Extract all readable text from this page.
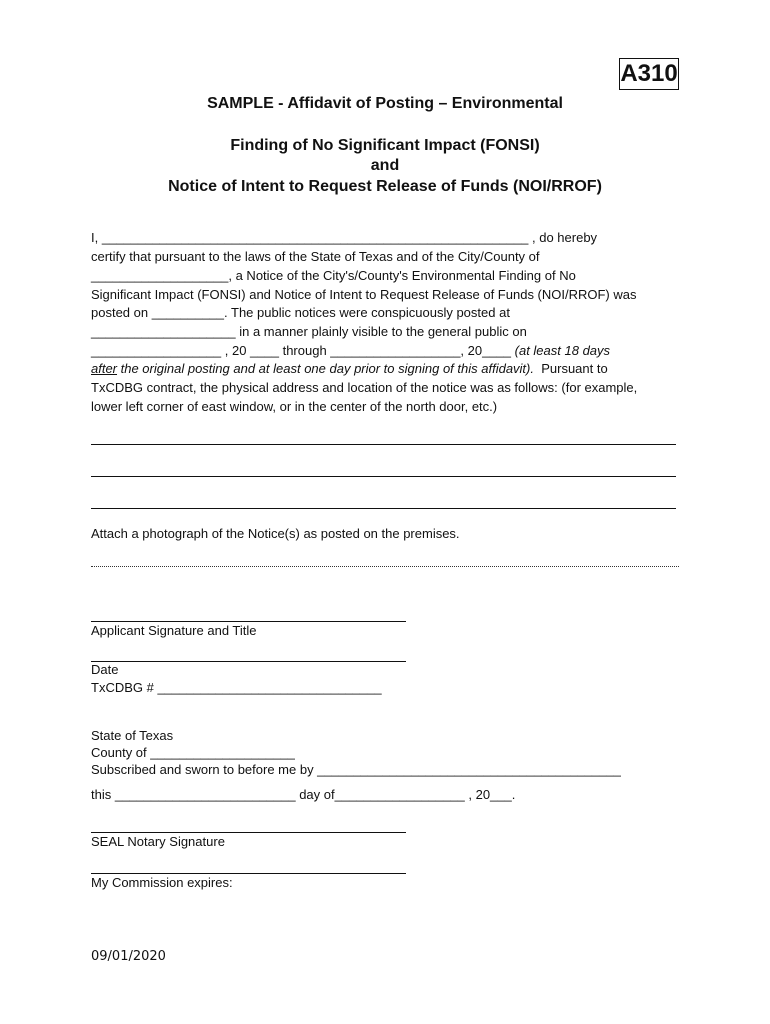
A310
SAMPLE - Affidavit of Posting – Environmental
Finding of No Significant Impact (FONSI)
and
Notice of Intent to Request Release of Funds (NOI/RROF)
I, ___________________________________________________________ , do hereby
certify that pursuant to the laws of the State of Texas and of the City/County of
___________________, a Notice of the City's/County's Environmental Finding of No
Significant Impact (FONSI) and Notice of Intent to Request Release of Funds (NOI/RROF) was
posted on __________. The public notices were conspicuously posted at
____________________ in a manner plainly visible to the general public on
__________________ , 20 ____ through __________________, 20____ (at least 18 days
after the original posting and at least one day prior to signing of this affidavit).  Pursuant to
TxCDBG contract, the physical address and location of the notice was as follows: (for example,
lower left corner of east window, or in the center of the north door, etc.)
Attach a photograph of the Notice(s) as posted on the premises.
Applicant Signature and Title
Date
TxCDBG # _______________________________
State of Texas
County of ____________________
Subscribed and sworn to before me by __________________________________________
this _________________________ day of__________________ , 20___.
SEAL Notary Signature
My Commission expires:
09/01/2020
